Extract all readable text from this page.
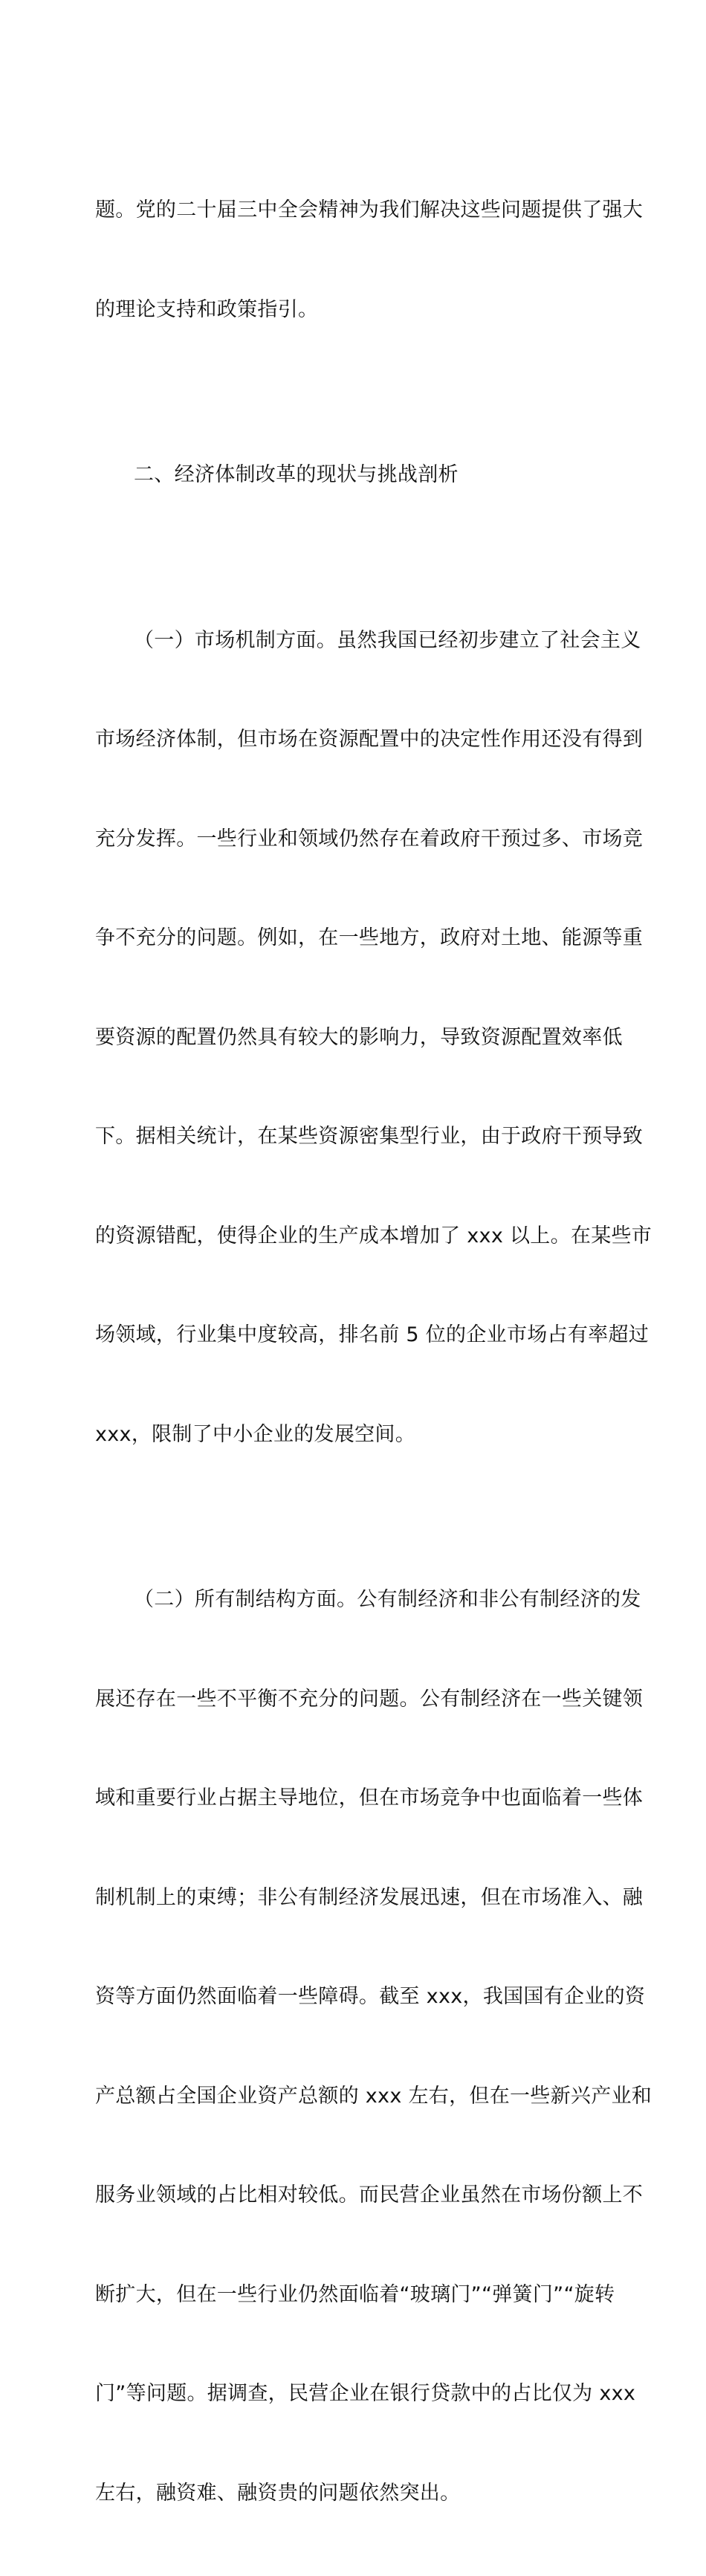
题。党的二十届三中全会精神为我们解决这些问题提供了强大

的理论支持和政策指引。

二、经济体制改革的现状与挑战剖析

（一）市场机制方面。虽然我国已经初步建立了社会主义

市场经济体制，但市场在资源配置中的决定性作用还没有得到

充分发挥。一些行业和领域仍然存在着政府干预过多、市场竞

争不充分的问题。例如，在一些地方，政府对土地、能源等重

要资源的配置仍然具有较大的影响力，导致资源配置效率低

下。据相关统计，在某些资源密集型行业，由于政府干预导致

的资源错配，使得企业的生产成本增加了 xxx 以上。在某些市

场领域，行业集中度较高，排名前 5 位的企业市场占有率超过

xxx，限制了中小企业的发展空间。

（二）所有制结构方面。公有制经济和非公有制经济的发

展还存在一些不平衡不充分的问题。公有制经济在一些关键领

域和重要行业占据主导地位，但在市场竞争中也面临着一些体

制机制上的束缚；非公有制经济发展迅速，但在市场准入、融

资等方面仍然面临着一些障碍。截至 xxx，我国国有企业的资

产总额占全国企业资产总额的 xxx 左右，但在一些新兴产业和

服务业领域的占比相对较低。而民营企业虽然在市场份额上不

断扩大，但在一些行业仍然面临着“玻璃门”“弹簧门”“旋转

门”等问题。据调查，民营企业在银行贷款中的占比仅为 xxx

左右，融资难、融资贵的问题依然突出。
